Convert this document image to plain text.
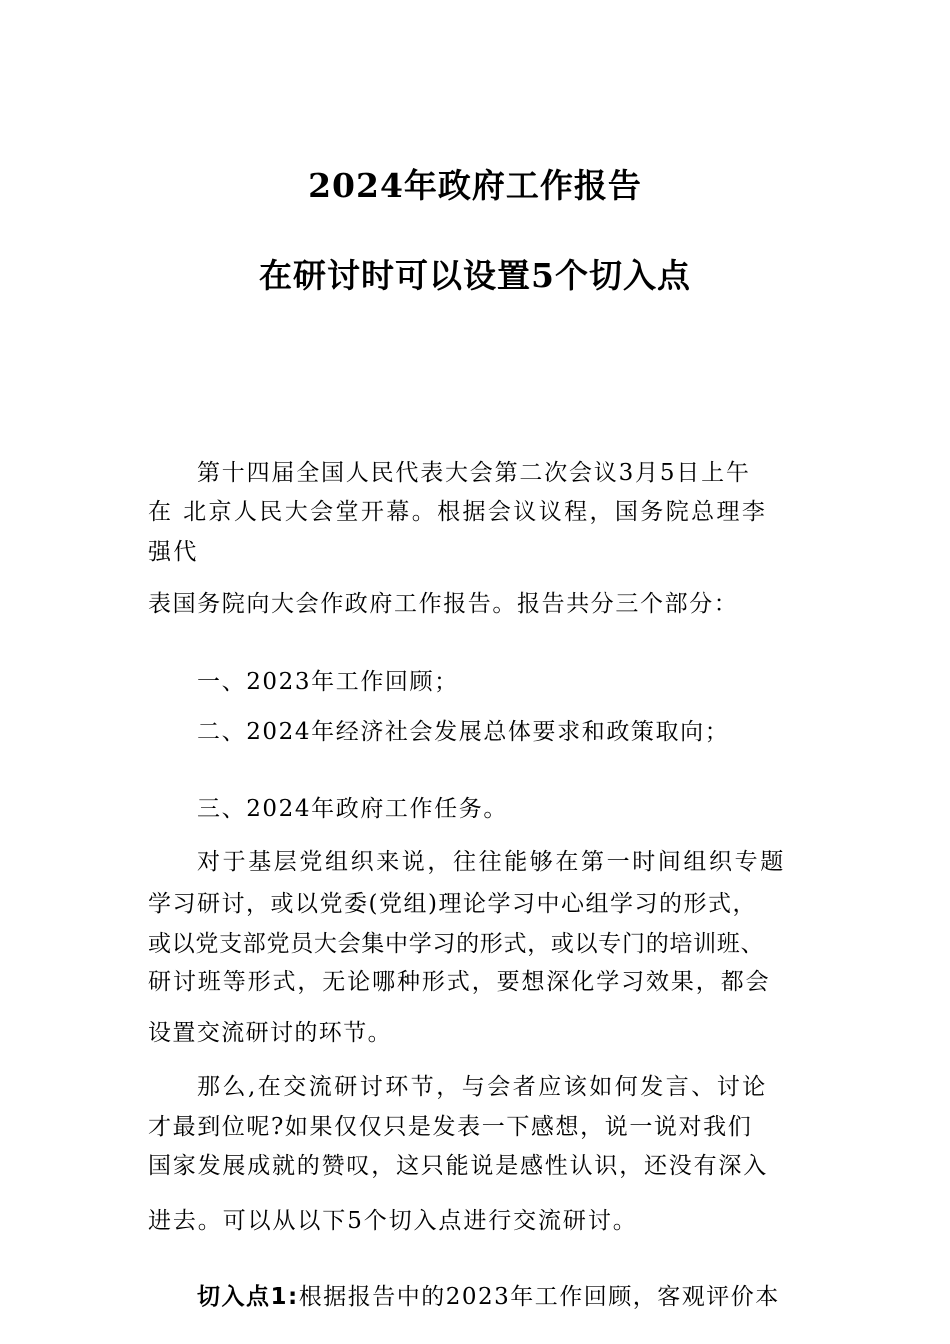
2024年政府工作报告
在研讨时可以设置5个切入点
第十四届全国人民代表大会第二次会议3月5日上午
在 北京人民大会堂开幕。根据会议议程，国务院总理李
强代
表国务院向大会作政府工作报告。报告共分三个部分：
一、2023年工作回顾；
二、2024年经济社会发展总体要求和政策取向；
三、2024年政府工作任务。
对于基层党组织来说，往往能够在第一时间组织专题
学习研讨，或以党委(党组)理论学习中心组学习的形式，
或以党支部党员大会集中学习的形式，或以专门的培训班、
研讨班等形式，无论哪种形式，要想深化学习效果，都会
设置交流研讨的环节。
那么,在交流研讨环节，与会者应该如何发言、讨论
才最到位呢?如果仅仅只是发表一下感想，说一说对我们
国家发展成就的赞叹，这只能说是感性认识，还没有深入
进去。可以从以下5个切入点进行交流研讨。
切入点1:根据报告中的2023年工作回顾，客观评价本
